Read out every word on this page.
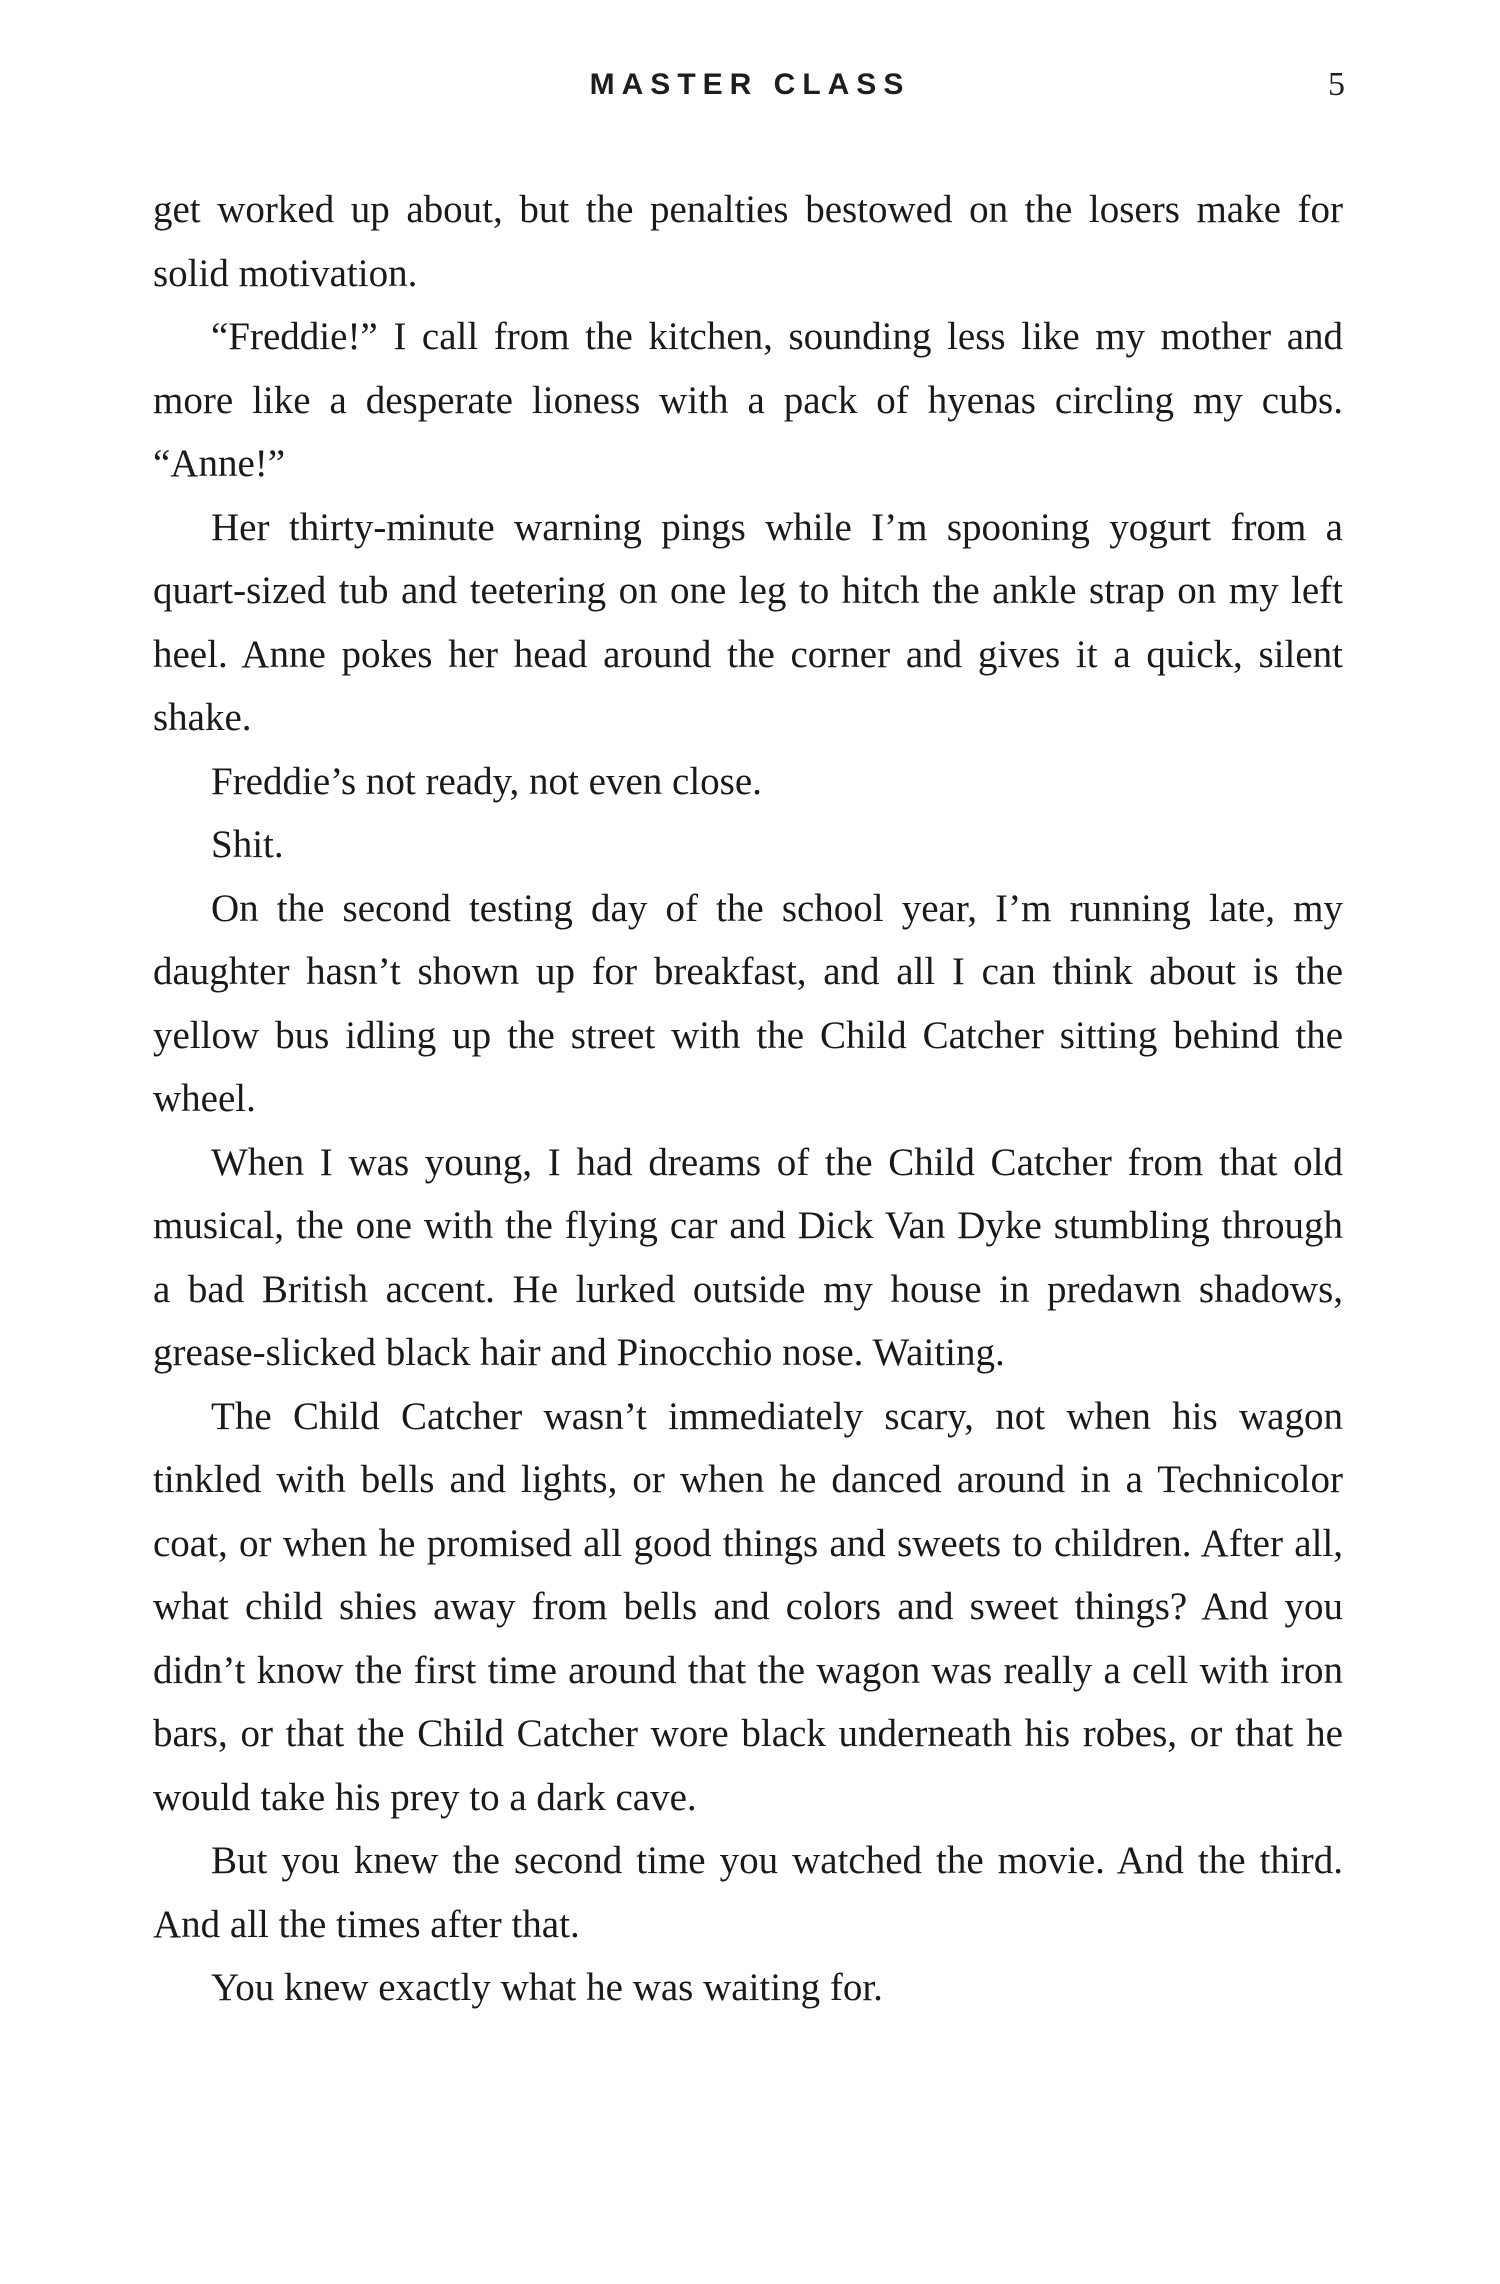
MASTER CLASS	5

get worked up about, but the penalties bestowed on the losers make for solid motivation.

“Freddie!” I call from the kitchen, sounding less like my mother and more like a desperate lioness with a pack of hyenas circling my cubs. “Anne!”

Her thirty-minute warning pings while I’m spooning yogurt from a quart-sized tub and teetering on one leg to hitch the ankle strap on my left heel. Anne pokes her head around the corner and gives it a quick, silent shake.

Freddie’s not ready, not even close.

Shit.

On the second testing day of the school year, I’m running late, my daughter hasn’t shown up for breakfast, and all I can think about is the yellow bus idling up the street with the Child Catcher sitting behind the wheel.

When I was young, I had dreams of the Child Catcher from that old musical, the one with the flying car and Dick Van Dyke stumbling through a bad British accent. He lurked outside my house in predawn shadows, grease-slicked black hair and Pinocchio nose. Waiting.

The Child Catcher wasn’t immediately scary, not when his wagon tinkled with bells and lights, or when he danced around in a Technicolor coat, or when he promised all good things and sweets to children. After all, what child shies away from bells and colors and sweet things? And you didn’t know the first time around that the wagon was really a cell with iron bars, or that the Child Catcher wore black underneath his robes, or that he would take his prey to a dark cave.

But you knew the second time you watched the movie. And the third. And all the times after that.

You knew exactly what he was waiting for.
